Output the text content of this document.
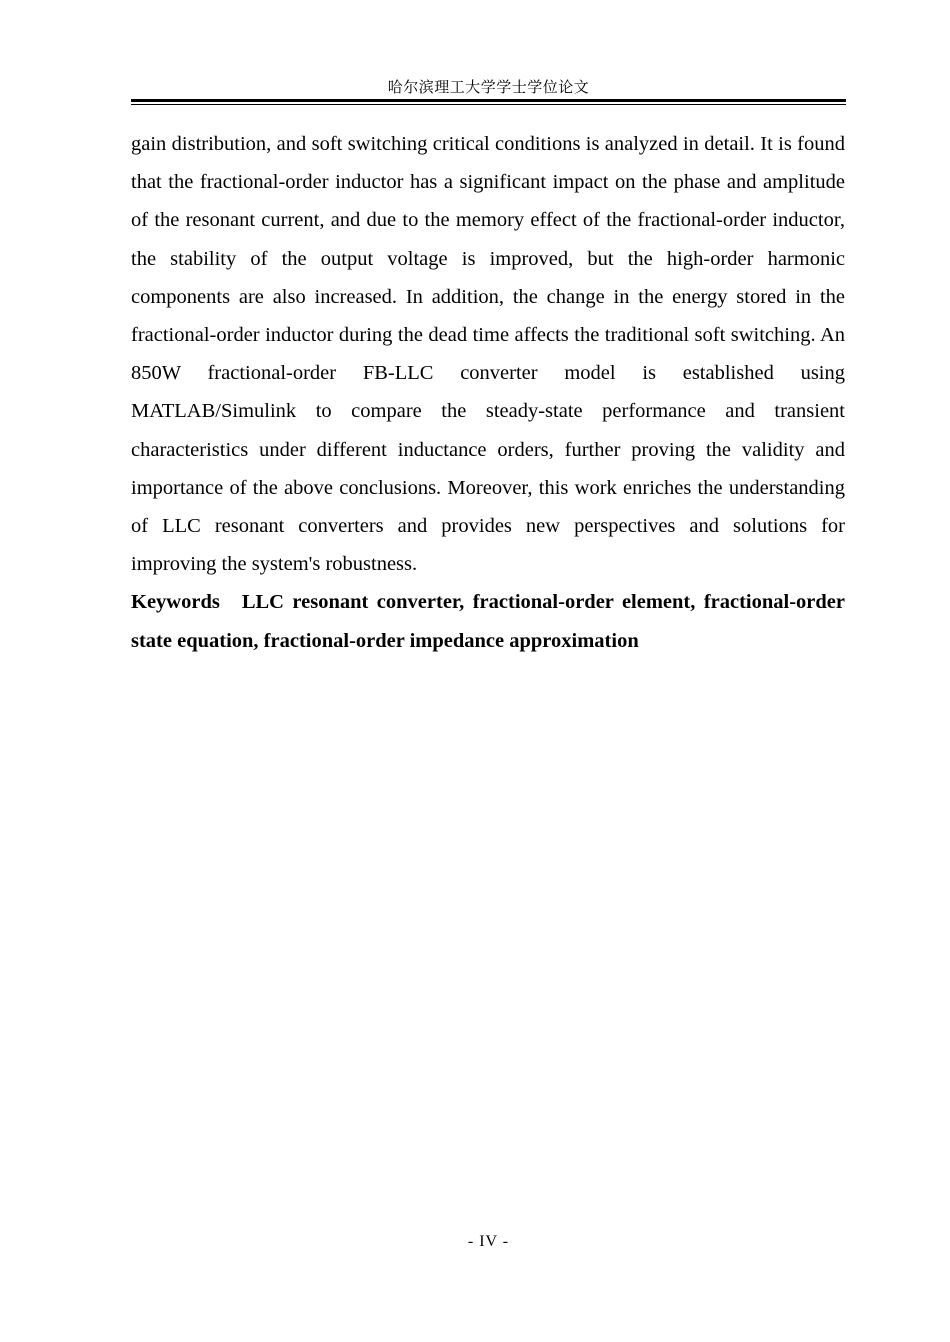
哈尔滨理工大学学士学位论文

gain distribution, and soft switching critical conditions is analyzed in detail. It is found that the fractional-order inductor has a significant impact on the phase and amplitude of the resonant current, and due to the memory effect of the fractional-order inductor, the stability of the output voltage is improved, but the high-order harmonic components are also increased. In addition, the change in the energy stored in the fractional-order inductor during the dead time affects the traditional soft switching. An 850W fractional-order FB-LLC converter model is established using MATLAB/Simulink to compare the steady-state performance and transient characteristics under different inductance orders, further proving the validity and importance of the above conclusions. Moreover, this work enriches the understanding of LLC resonant converters and provides new perspectives and solutions for improving the system's robustness.

Keywords LLC resonant converter, fractional-order element, fractional-order state equation, fractional-order impedance approximation

- IV -
